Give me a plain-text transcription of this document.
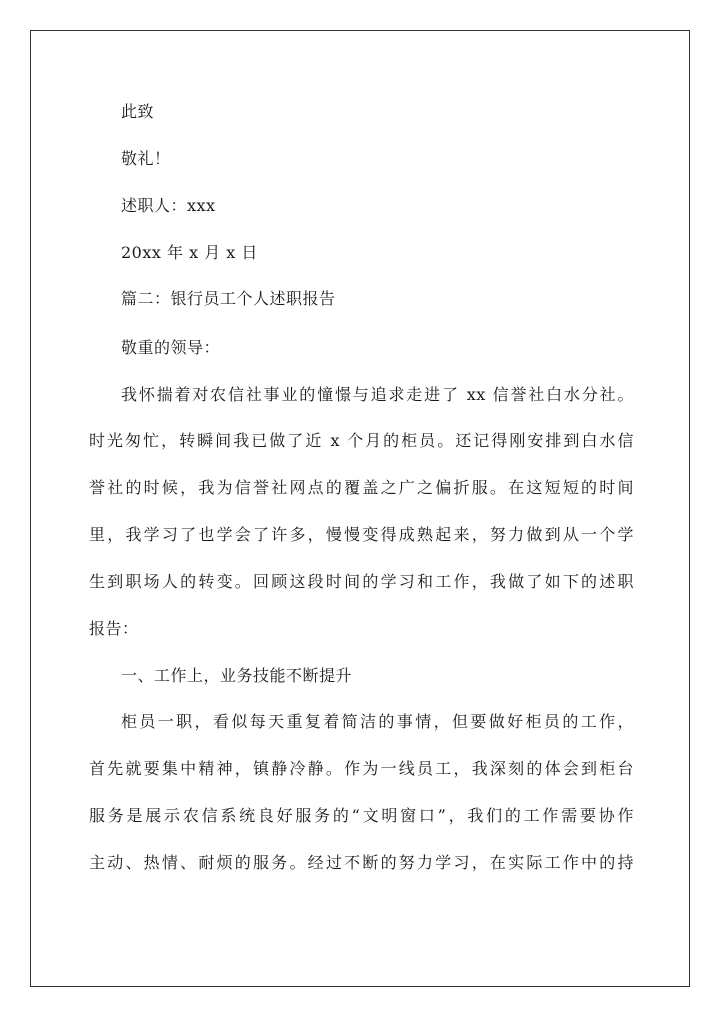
此致
敬礼！
述职人：xxx
20xx 年 x 月 x 日
篇二：银行员工个人述职报告
敬重的领导：
我怀揣着对农信社事业的憧憬与追求走进了 xx 信誉社白水分社。
时光匆忙，转瞬间我已做了近 x 个月的柜员。还记得刚安排到白水信
誉社的时候，我为信誉社网点的覆盖之广之偏折服。在这短短的时间
里，我学习了也学会了许多，慢慢变得成熟起来，努力做到从一个学
生到职场人的转变。回顾这段时间的学习和工作，我做了如下的述职
报告：
一、工作上，业务技能不断提升
柜员一职，看似每天重复着简洁的事情，但要做好柜员的工作，
首先就要集中精神，镇静冷静。作为一线员工，我深刻的体会到柜台
服务是展示农信系统良好服务的“文明窗口”，我们的工作需要协作
主动、热情、耐烦的服务。经过不断的努力学习，在实际工作中的持
